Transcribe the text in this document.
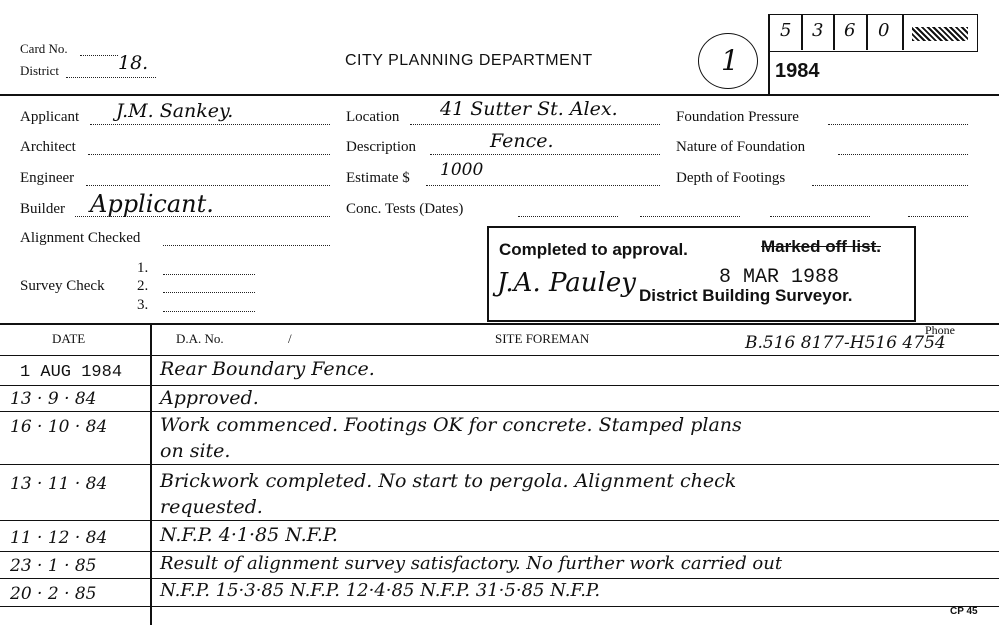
Card No.
District	18.	CITY PLANNING DEPARTMENT	1
5 3 6 0
1984
Applicant J.M. Sankey.
Architect
Engineer
Builder Applicant.
Alignment Checked
Survey Check
1.
2.
3.
Location 41 Sutter St. Alex.
Description	Fence.
Estimate $ 1000
Conc. Tests (Dates)
Foundation Pressure
Nature of Foundation
Depth of Footings
Completed to approval.	Marked off list.
8 MAR 1988
J.A. Pauley District Building Surveyor.
DATE	D.A. No.	/	SITE FOREMAN
Phone
B.516 8177-H516 4754
1 AUG 1984 Rear Boundary Fence.
13 · 9 · 84	Approved.
16 · 10 · 84	Work commenced. Footings OK for concrete. Stamped plans
on site.
13 · 11 · 84	Brickwork completed. No start to pergola. Alignment check
requested.
11 · 12 · 84	N.F.P. 4·1·85 N.F.P.
23 · 1 · 85	Result of alignment survey satisfactory. No further work carried out
20 · 2 · 85	N.F.P. 15·3·85 N.F.P. 12·4·85 N.F.P. 31·5·85 N.F.P.
CP 45
